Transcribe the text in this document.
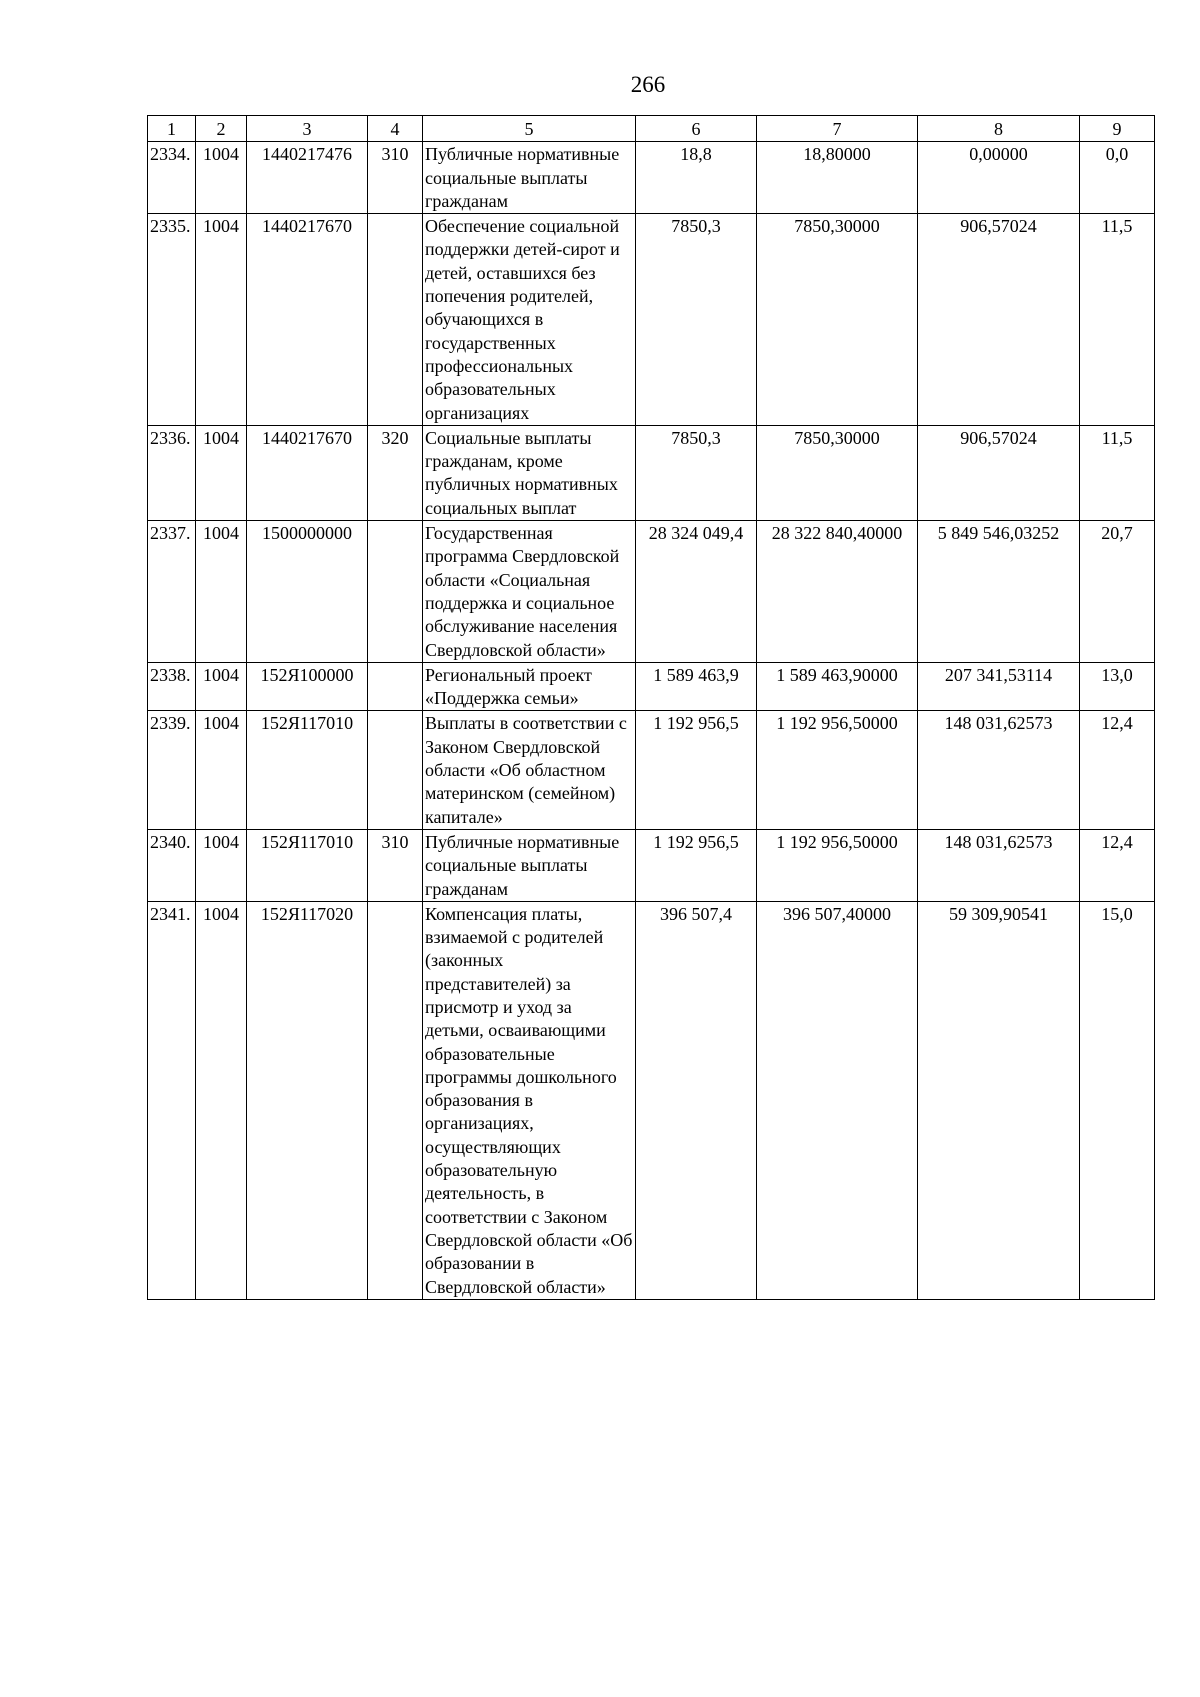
266
1	2	3	4	5	6	7	8	9
2334.	1004	1440217476	310	Публичные нормативные социальные выплаты гражданам	18,8	18,80000	0,00000	0,0
2335.	1004	1440217670		Обеспечение социальной поддержки детей-сирот и детей, оставшихся без попечения родителей, обучающихся в государственных профессиональных образовательных организациях	7850,3	7850,30000	906,57024	11,5
2336.	1004	1440217670	320	Социальные выплаты гражданам, кроме публичных нормативных социальных выплат	7850,3	7850,30000	906,57024	11,5
2337.	1004	1500000000		Государственная программа Свердловской области «Социальная поддержка и социальное обслуживание населения Свердловской области»	28 324 049,4	28 322 840,40000	5 849 546,03252	20,7
2338.	1004	152Я100000		Региональный проект «Поддержка семьи»	1 589 463,9	1 589 463,90000	207 341,53114	13,0
2339.	1004	152Я117010		Выплаты в соответствии с Законом Свердловской области «Об областном материнском (семейном) капитале»	1 192 956,5	1 192 956,50000	148 031,62573	12,4
2340.	1004	152Я117010	310	Публичные нормативные социальные выплаты гражданам	1 192 956,5	1 192 956,50000	148 031,62573	12,4
2341.	1004	152Я117020		Компенсация платы, взимаемой с родителей (законных представителей) за присмотр и уход за детьми, осваивающими образовательные программы дошкольного образования в организациях, осуществляющих образовательную деятельность, в соответствии с Законом Свердловской области «Об образовании в Свердловской области»	396 507,4	396 507,40000	59 309,90541	15,0
